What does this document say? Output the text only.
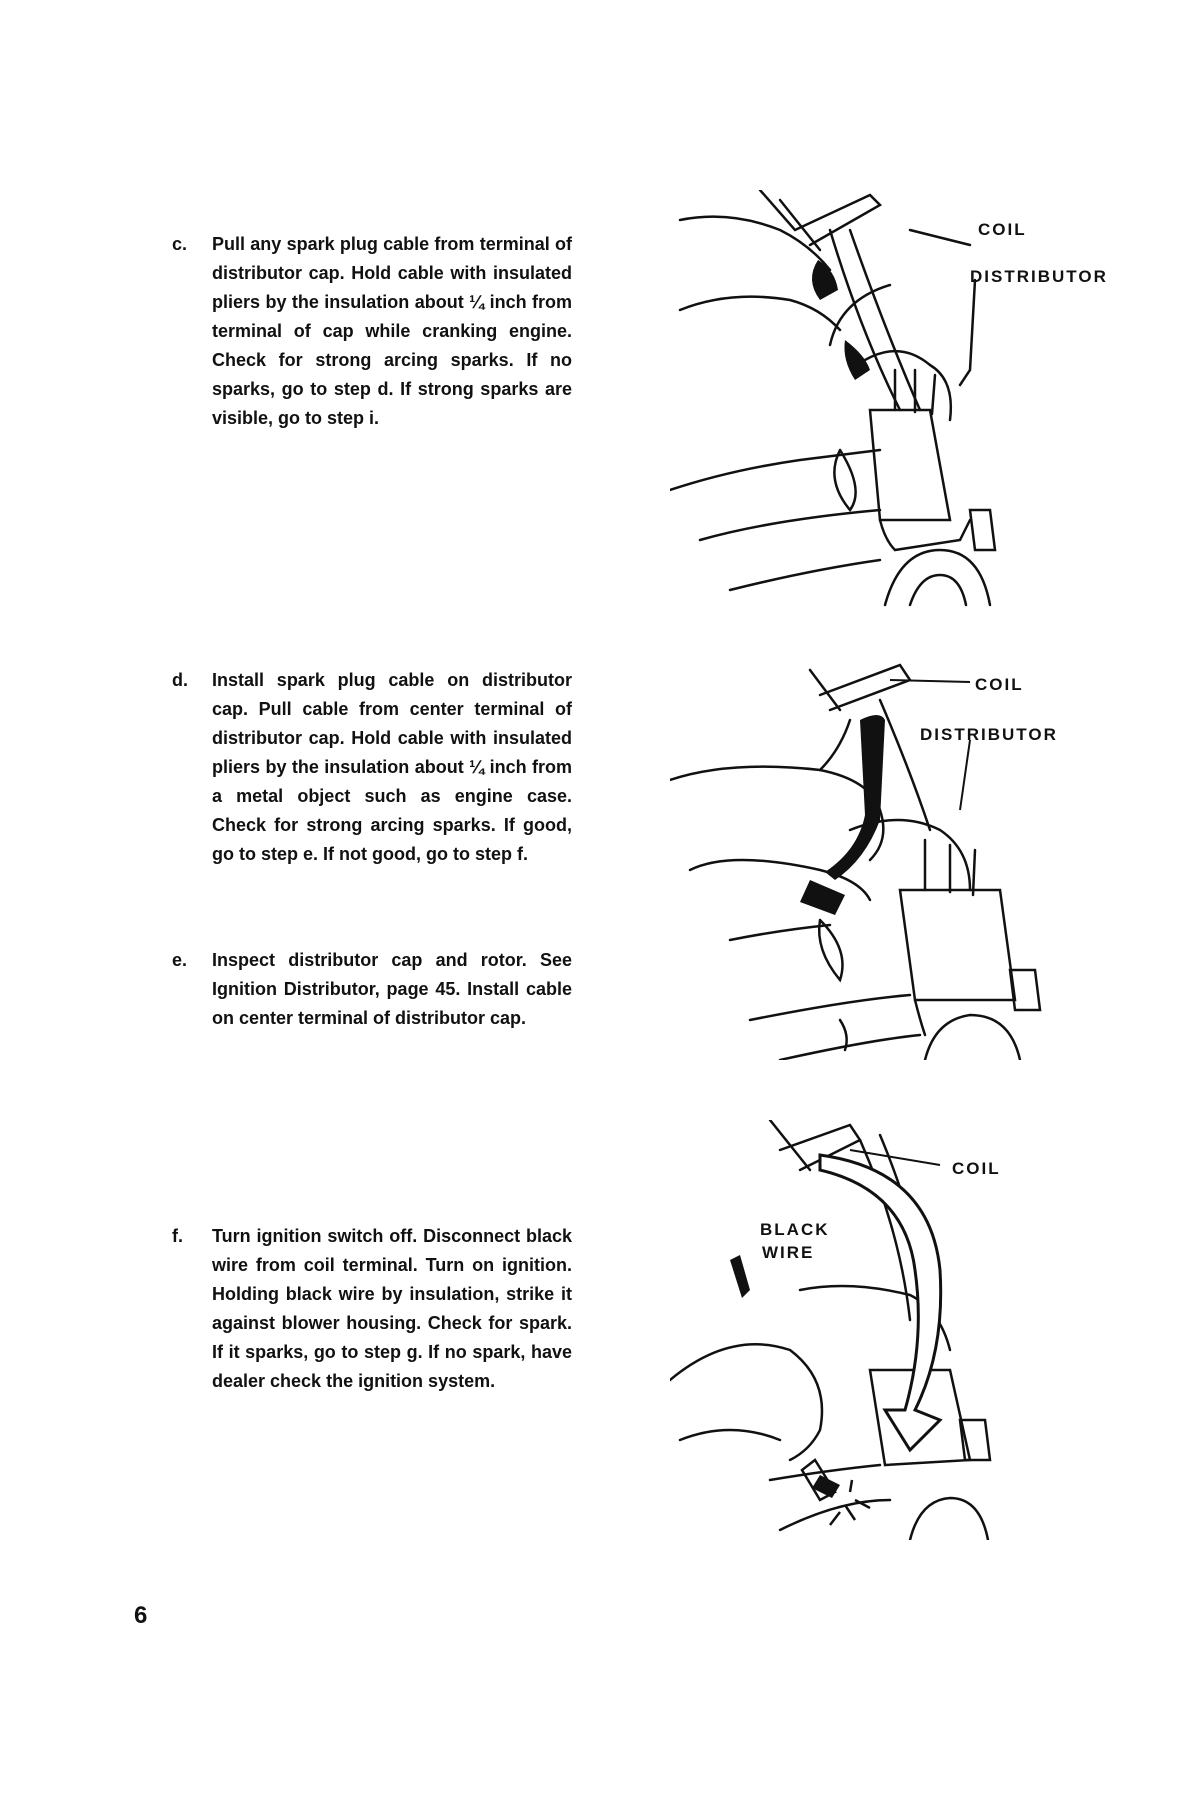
c.	Pull any spark plug cable from terminal of distributor cap. Hold cable with insulated pliers by the insulation about ¼ inch from terminal of cap while cranking engine. Check for strong arcing sparks. If no sparks, go to step d. If strong sparks are visible, go to step i.
d.	Install spark plug cable on distributor cap. Pull cable from center terminal of distributor cap. Hold cable with insulated pliers by the insulation about ¼ inch from a metal object such as engine case. Check for strong arcing sparks. If good, go to step e. If not good, go to step f.
e.	Inspect distributor cap and rotor. See Ignition Distributor, page 45. Install cable on center terminal of distributor cap.
f.	Turn ignition switch off. Disconnect black wire from coil terminal. Turn on ignition. Holding black wire by insulation, strike it against blower housing. Check for spark. If it sparks, go to step g. If no spark, have dealer check the ignition system.
COIL
DISTRIBUTOR
COIL
DISTRIBUTOR
COIL
BLACK
WIRE
6
